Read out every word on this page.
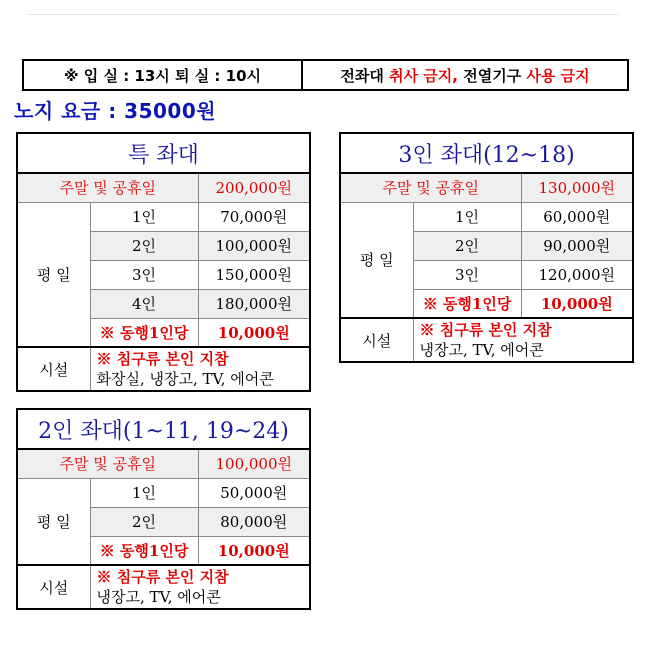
※ 입 실 : 13시 퇴 실 : 10시	전좌대
취사 금지,
전열기구
사용 금지
노지 요금 : 35000원
특 좌대		
주말 및 공휴일		200,000원
평 일	1인	70,000원
	2인	100,000원
	3인	150,000원
	4인	180,000원
	※ 동행1인당	10,000원
시설	※ 침구류 본인 지참
화장실, 냉장고, TV, 에어콘	
3인 좌대(12~18)		
주말 및 공휴일		130,000원
평 일	1인	60,000원
	2인	90,000원
	3인	120,000원
	※ 동행1인당	10,000원
시설	※ 침구류 본인 지참
냉장고, TV, 에어콘	
2인 좌대(1~11, 19~24)		
주말 및 공휴일		100,000원
평 일	1인	50,000원
	2인	80,000원
	※ 동행1인당	10,000원
시설	※ 침구류 본인 지참
냉장고, TV, 에어콘	
